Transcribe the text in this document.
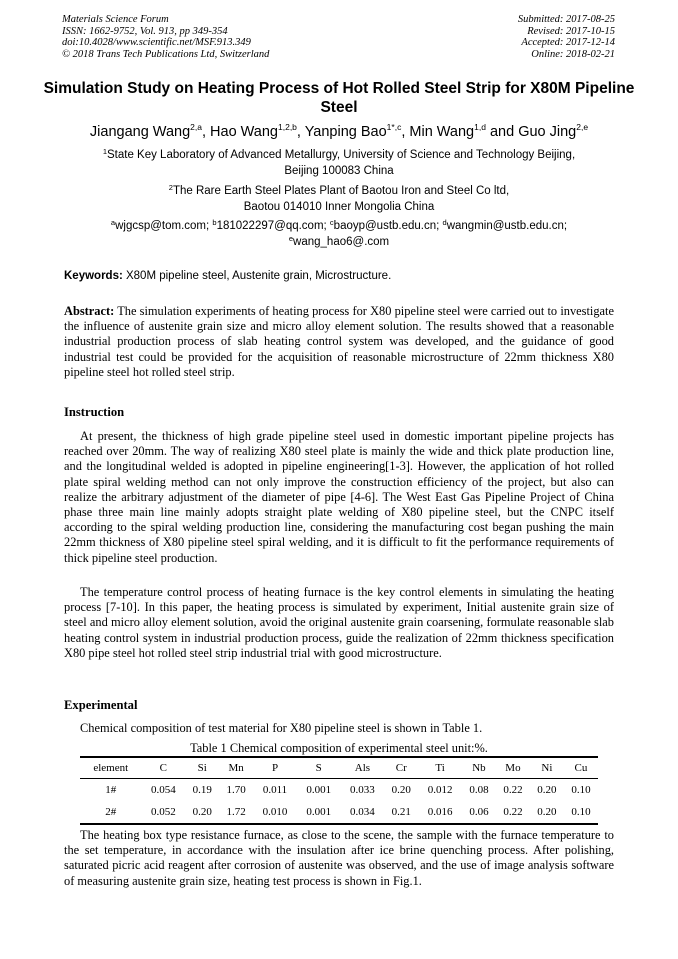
Materials Science Forum
ISSN: 1662-9752, Vol. 913, pp 349-354
doi:10.4028/www.scientific.net/MSF.913.349
© 2018 Trans Tech Publications Ltd, Switzerland
Submitted: 2017-08-25
Revised: 2017-10-15
Accepted: 2017-12-14
Online: 2018-02-21
Simulation Study on Heating Process of Hot Rolled Steel Strip for X80M Pipeline Steel
Jiangang Wang$^{2,a}$, Hao Wang$^{1,2,b}$, Yanping Bao$^{1*,c}$, Min Wang$^{1,d}$ and Guo Jing$^{2,e}$
$^1$State Key Laboratory of Advanced Metallurgy, University of Science and Technology Beijing,
Beijing 100083 China
$^2$The Rare Earth Steel Plates Plant of Baotou Iron and Steel Co ltd,
Baotou 014010 Inner Mongolia China
$^a$wjgcsp@tom.com; $^b$181022297@qq.com; $^c$baoyp@ustb.edu.cn; $^d$wangmin@ustb.edu.cn;
$^e$wang_hao6@.com
Keywords: X80M pipeline steel, Austenite grain, Microstructure.
Abstract: The simulation experiments of heating process for X80 pipeline steel were carried out to investigate the influence of austenite grain size and micro alloy element solution. The results showed that a reasonable industrial production process of slab heating control system was developed, and the guidance of good industrial test could be provided for the acquisition of reasonable microstructure of 22mm thickness X80 pipeline steel hot rolled steel strip.
Instruction
At present, the thickness of high grade pipeline steel used in domestic important pipeline projects has reached over 20mm. The way of realizing X80 steel plate is mainly the wide and thick plate production line, and the longitudinal welded is adopted in pipeline engineering[1-3]. However, the application of hot rolled plate spiral welding method can not only improve the construction efficiency of the project, but also can realize the arbitrary adjustment of the diameter of pipe [4-6]. The West East Gas Pipeline Project of China phase three main line mainly adopts straight plate welding of X80 pipeline steel, but the CNPC itself according to the spiral welding production line, considering the manufacturing cost began pushing the main 22mm thickness of X80 pipeline steel spiral welding, and it is difficult to fit the performance requirements of thick pipeline steel production.
The temperature control process of heating furnace is the key control elements in simulating the heating process [7-10]. In this paper, the heating process is simulated by experiment, Initial austenite grain size of steel and micro alloy element solution, avoid the original austenite grain coarsening, formulate reasonable slab heating control system in industrial production process, guide the realization of 22mm thickness specification X80 pipe steel hot rolled steel strip industrial trial with good microstructure.
Experimental
Chemical composition of test material for X80 pipeline steel is shown in Table 1.
Table 1 Chemical composition of experimental steel unit:%.
element	C	Si	Mn	P	S	Als	Cr	Ti	Nb	Mo	Ni	Cu
1#	0.054	0.19	1.70	0.011	0.001	0.033	0.20	0.012	0.08	0.22	0.20	0.10
2#	0.052	0.20	1.72	0.010	0.001	0.034	0.21	0.016	0.06	0.22	0.20	0.10
The heating box type resistance furnace, as close to the scene, the sample with the furnace temperature to the set temperature, in accordance with the insulation after ice brine quenching process. After polishing, saturated picric acid reagent after corrosion of austenite was observed, and the use of image analysis software of measuring austenite grain size, heating test process is shown in Fig.1.
